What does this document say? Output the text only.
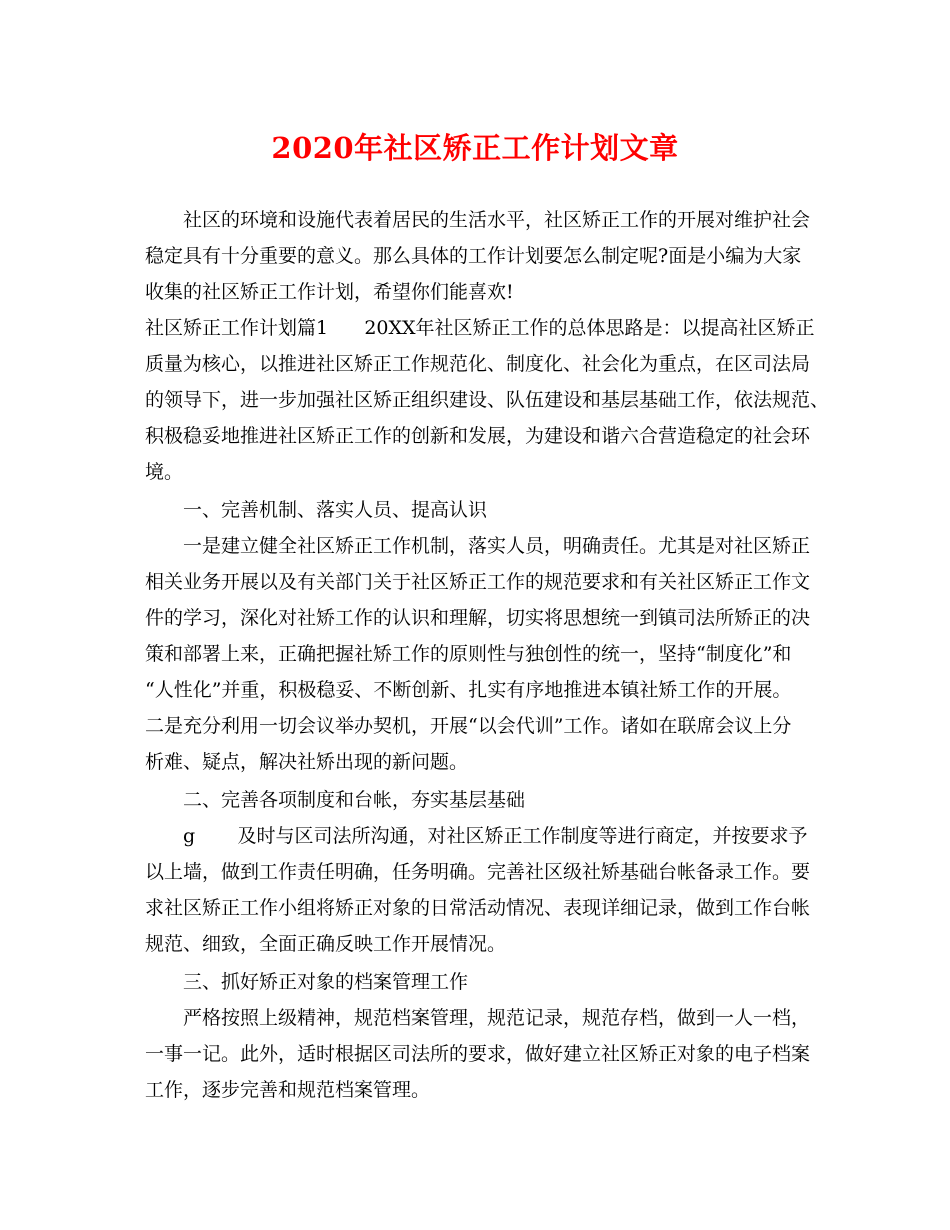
2020年社区矫正工作计划文章
社区的环境和设施代表着居民的生活水平，社区矫正工作的开展对维护社会
稳定具有十分重要的意义。那么具体的工作计划要怎么制定呢?面是小编为大家
收集的社区矫正工作计划，希望你们能喜欢!
社区矫正工作计划篇1      20XX年社区矫正工作的总体思路是：以提高社区矫正
质量为核心，以推进社区矫正工作规范化、制度化、社会化为重点，在区司法局
的领导下，进一步加强社区矫正组织建设、队伍建设和基层基础工作，依法规范、
积极稳妥地推进社区矫正工作的创新和发展，为建设和谐六合营造稳定的社会环
境。
一、完善机制、落实人员、提高认识
一是建立健全社区矫正工作机制，落实人员，明确责任。尤其是对社区矫正
相关业务开展以及有关部门关于社区矫正工作的规范要求和有关社区矫正工作文
件的学习，深化对社矫工作的认识和理解，切实将思想统一到镇司法所矫正的决
策和部署上来，正确把握社矫工作的原则性与独创性的统一，坚持“制度化”和
“人性化”并重，积极稳妥、不断创新、扎实有序地推进本镇社矫工作的开展。
二是充分利用一切会议举办契机，开展“以会代训”工作。诸如在联席会议上分
析难、疑点，解决社矫出现的新问题。
二、完善各项制度和台帐，夯实基层基础
g       及时与区司法所沟通，对社区矫正工作制度等进行商定，并按要求予
以上墙，做到工作责任明确，任务明确。完善社区级社矫基础台帐备录工作。要
求社区矫正工作小组将矫正对象的日常活动情况、表现详细记录，做到工作台帐
规范、细致，全面正确反映工作开展情况。
三、抓好矫正对象的档案管理工作
严格按照上级精神，规范档案管理，规范记录，规范存档，做到一人一档，
一事一记。此外，适时根据区司法所的要求，做好建立社区矫正对象的电子档案
工作，逐步完善和规范档案管理。
